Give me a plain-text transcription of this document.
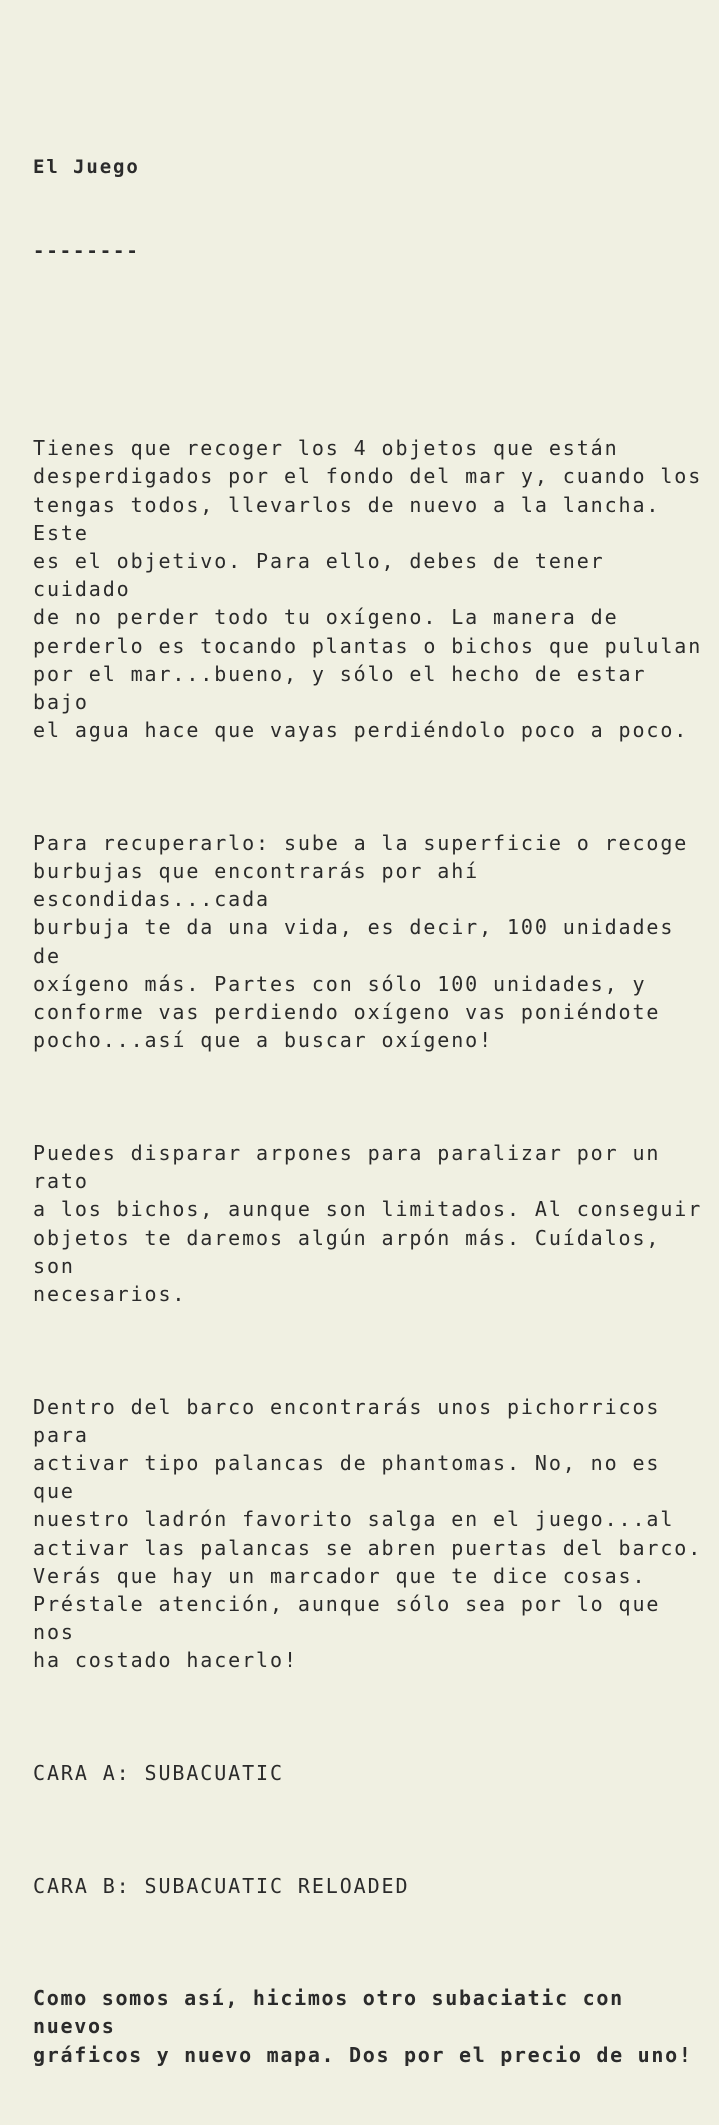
El Juego

--------

Tienes que recoger los 4 objetos que están
desperdigados por el fondo del mar y, cuando los
tengas todos, llevarlos de nuevo a la lancha. Este
es el objetivo. Para ello, debes de tener cuidado
de no perder todo tu oxígeno. La manera de
perderlo es tocando plantas o bichos que pululan
por el mar...bueno, y sólo el hecho de estar bajo
el agua hace que vayas perdiéndolo poco a poco.

Para recuperarlo: sube a la superficie o recoge
burbujas que encontrarás por ahí escondidas...cada
burbuja te da una vida, es decir, 100 unidades de
oxígeno más. Partes con sólo 100 unidades, y
conforme vas perdiendo oxígeno vas poniéndote
pocho...así que a buscar oxígeno!

Puedes disparar arpones para paralizar por un rato
a los bichos, aunque son limitados. Al conseguir
objetos te daremos algún arpón más. Cuídalos, son
necesarios.

Dentro del barco encontrarás unos pichorricos para
activar tipo palancas de phantomas. No, no es que
nuestro ladrón favorito salga en el juego...al
activar las palancas se abren puertas del barco.
Verás que hay un marcador que te dice cosas.
Préstale atención, aunque sólo sea por lo que nos
ha costado hacerlo!

CARA A: SUBACUATIC

CARA B: SUBACUATIC RELOADED

Como somos así, hicimos otro subaciatic con nuevos
gráficos y nuevo mapa. Dos por el precio de uno!
